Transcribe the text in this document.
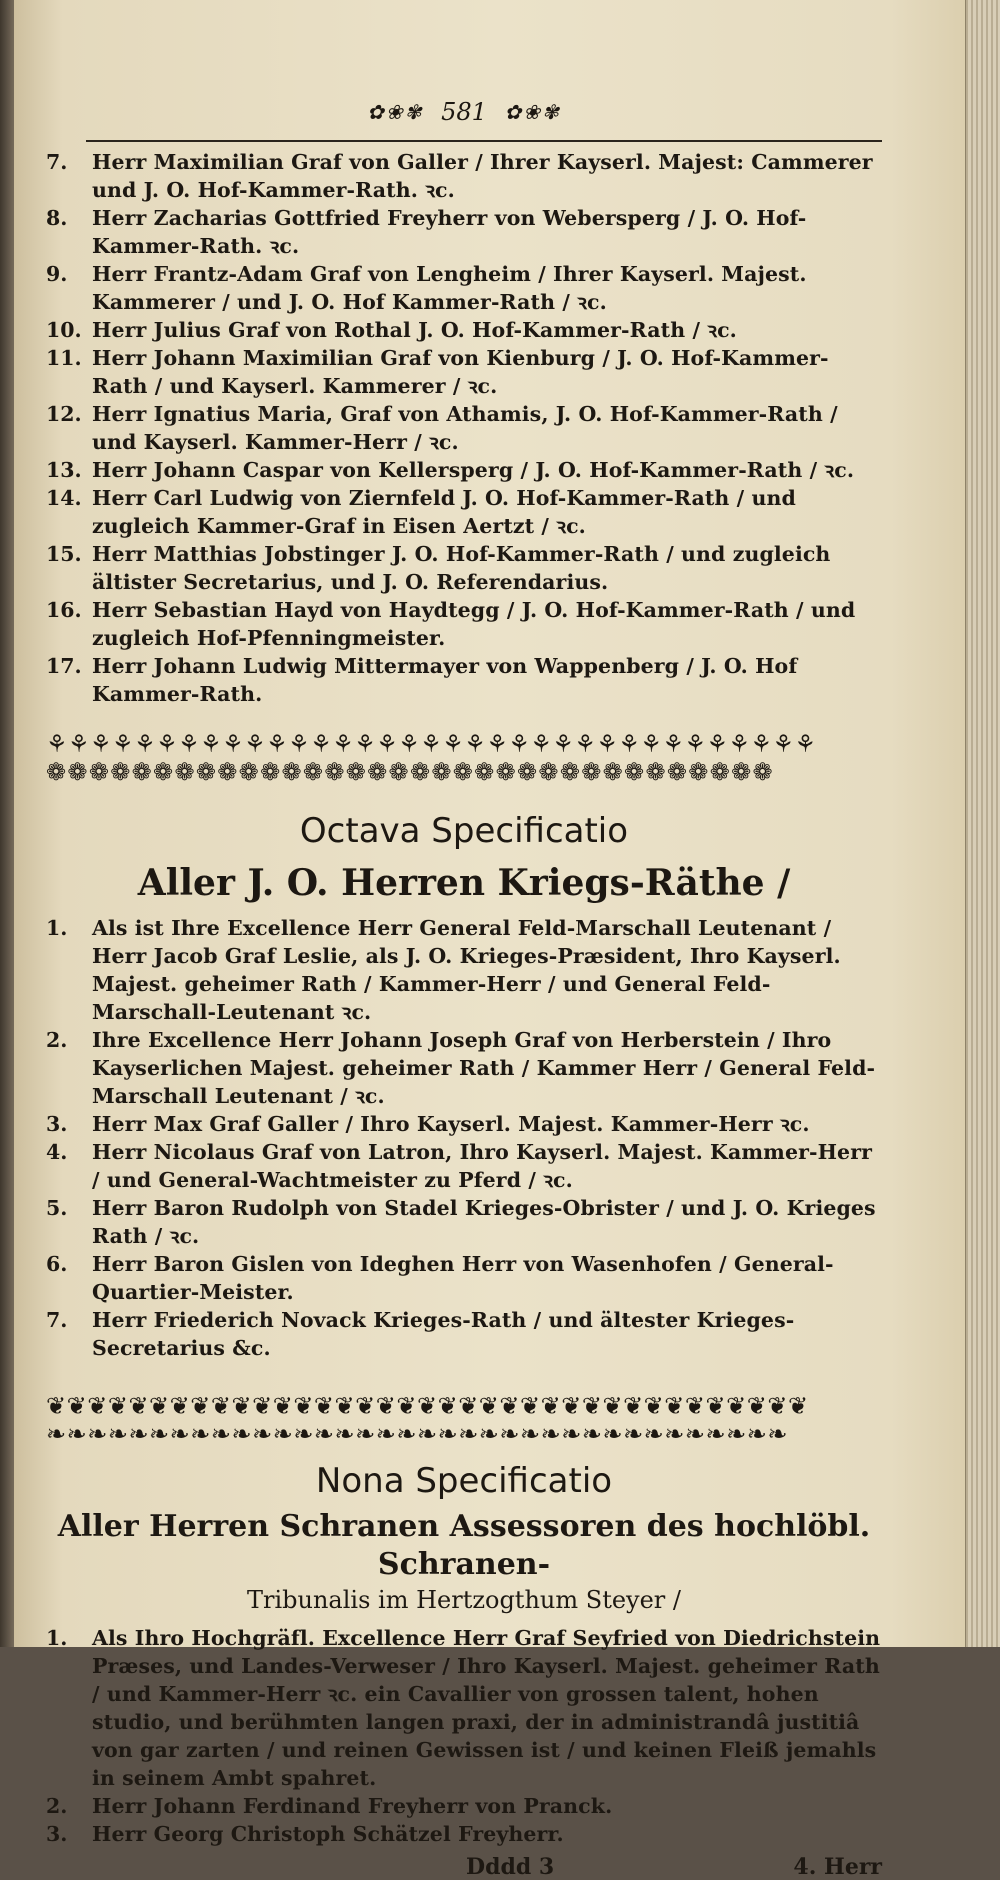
✿❀✾ 581 ✿❀✾
7.	Herr Maximilian Graf von Galler / Ihrer Kayserl. Majest: Cammerer und J. O. Hof-Kammer-Rath. ꝛc.
8.	Herr Zacharias Gottfried Freyherr von Webersperg / J. O. Hof-Kammer-Rath. ꝛc.
9.	Herr Frantz-Adam Graf von Lengheim / Ihrer Kayserl. Majest. Kammerer / und J. O. Hof Kammer-Rath / ꝛc.
10. Herr Julius Graf von Rothal J. O. Hof-Kammer-Rath / ꝛc.
11. Herr Johann Maximilian Graf von Kienburg / J. O. Hof-Kammer-Rath / und Kayserl. Kammerer / ꝛc.
12. Herr Ignatius Maria, Graf von Athamis, J. O. Hof-Kammer-Rath / und Kayserl. Kammer-Herr / ꝛc.
13. Herr Johann Caspar von Kellersperg / J. O. Hof-Kammer-Rath / ꝛc.
14. Herr Carl Ludwig von Ziernfeld J. O. Hof-Kammer-Rath / und zugleich Kammer-Graf in Eisen Aertzt / ꝛc.
15. Herr Matthias Jobstinger J. O. Hof-Kammer-Rath / und zugleich ältister Secretarius, und J. O. Referendarius.
16. Herr Sebastian Hayd von Haydtegg / J. O. Hof-Kammer-Rath / und zugleich Hof-Pfenningmeister.
17. Herr Johann Ludwig Mittermayer von Wappenberg / J. O. Hof Kammer-Rath.
⚘⚘⚘⚘⚘⚘⚘⚘⚘⚘⚘⚘⚘⚘⚘⚘⚘⚘⚘⚘⚘⚘⚘⚘⚘⚘⚘⚘⚘⚘⚘⚘⚘⚘⚘
❁❁❁❁❁❁❁❁❁❁❁❁❁❁❁❁❁❁❁❁❁❁❁❁❁❁❁❁❁❁❁❁❁❁
Octava Specificatio
Aller J. O. Herren Kriegs-Räthe /
1.	Als ist Ihre Excellence Herr General Feld-Marschall Leutenant / Herr Jacob Graf Leslie, als J. O. Krieges-Præsident, Ihro Kayserl. Majest. geheimer Rath / Kammer-Herr / und General Feld-Marschall-Leutenant ꝛc.
2.	Ihre Excellence Herr Johann Joseph Graf von Herberstein / Ihro Kayserlichen Majest. geheimer Rath / Kammer Herr / General Feld-Marschall Leutenant / ꝛc.
3.	Herr Max Graf Galler / Ihro Kayserl. Majest. Kammer-Herr ꝛc.
4.	Herr Nicolaus Graf von Latron, Ihro Kayserl. Majest. Kammer-Herr / und General-Wachtmeister zu Pferd / ꝛc.
5.	Herr Baron Rudolph von Stadel Krieges-Obrister / und J. O. Krieges Rath / ꝛc.
6.	Herr Baron Gislen von Ideghen Herr von Wasenhofen / General-Quartier-Meister.
7.	Herr Friederich Novack Krieges-Rath / und ältester Krieges-Secretarius &c.
❦❦❦❦❦❦❦❦❦❦❦❦❦❦❦❦❦❦❦❦❦❦❦❦❦❦❦❦❦❦❦❦❦❦❦❦❦
❧❧❧❧❧❧❧❧❧❧❧❧❧❧❧❧❧❧❧❧❧❧❧❧❧❧❧❧❧❧❧❧❧❧❧❧
Nona Specificatio
Aller Herren Schranen Assessoren des hochlöbl. Schranen-
Tribunalis im Hertzogthum Steyer /
1.	Als Ihro Hochgräfl. Excellence Herr Graf Seyfried von Diedrichstein Præses, und Landes-Verweser / Ihro Kayserl. Majest. geheimer Rath / und Kammer-Herr ꝛc. ein Cavallier von grossen talent, hohen studio, und berühmten langen praxi, der in administrandâ justitiâ von gar zarten / und reinen Gewissen ist / und keinen Fleiß jemahls in seinem Ambt spahret.
2.	Herr Johann Ferdinand Freyherr von Pranck.
3.	Herr Georg Christoph Schätzel Freyherr.
Dddd 3	4. Herr
